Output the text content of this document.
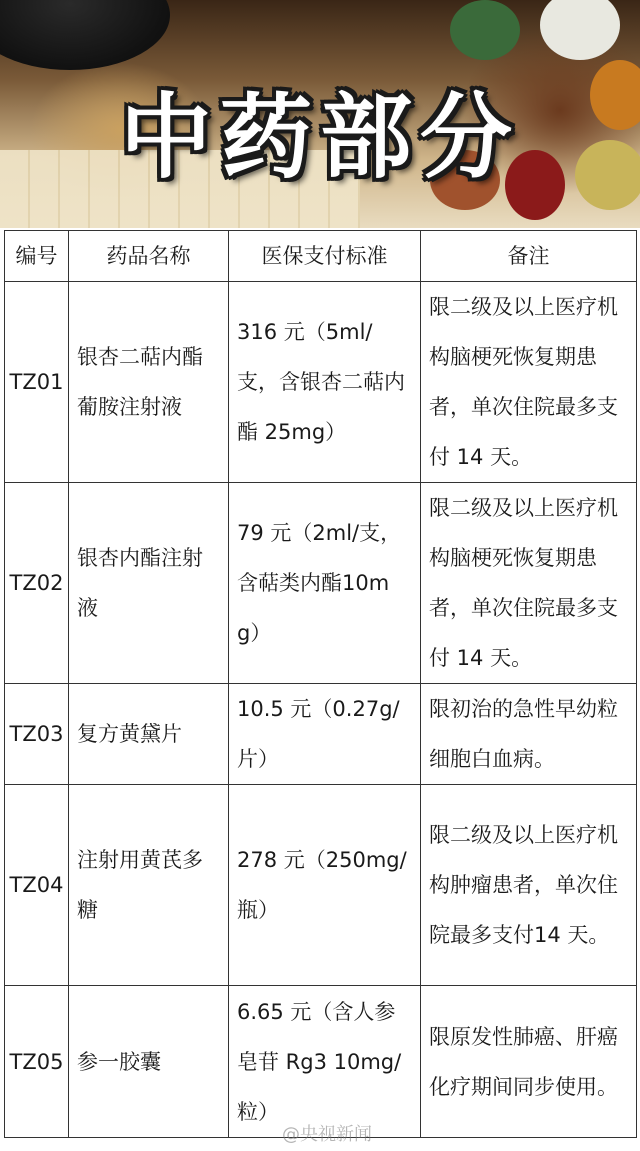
中药部分
编号	药品名称	医保支付标准	备注
TZ01	银杏二萜内酯葡胺注射液	316 元（5ml/支，含银杏二萜内酯 25mg）	限二级及以上医疗机构脑梗死恢复期患者，单次住院最多支付 14 天。
TZ02	银杏内酯注射液	79 元（2ml/支，含萜类内酯10mg）	限二级及以上医疗机构脑梗死恢复期患者，单次住院最多支付 14 天。
TZ03	复方黄黛片	10.5 元（0.27g/片）	限初治的急性早幼粒细胞白血病。
TZ04	注射用黄芪多糖	278 元（250mg/瓶）	限二级及以上医疗机构肿瘤患者，单次住院最多支付14 天。
TZ05	参一胶囊	6.65 元（含人参皂苷 Rg3 10mg/粒）	限原发性肺癌、肝癌化疗期间同步使用。
@央视新闻
